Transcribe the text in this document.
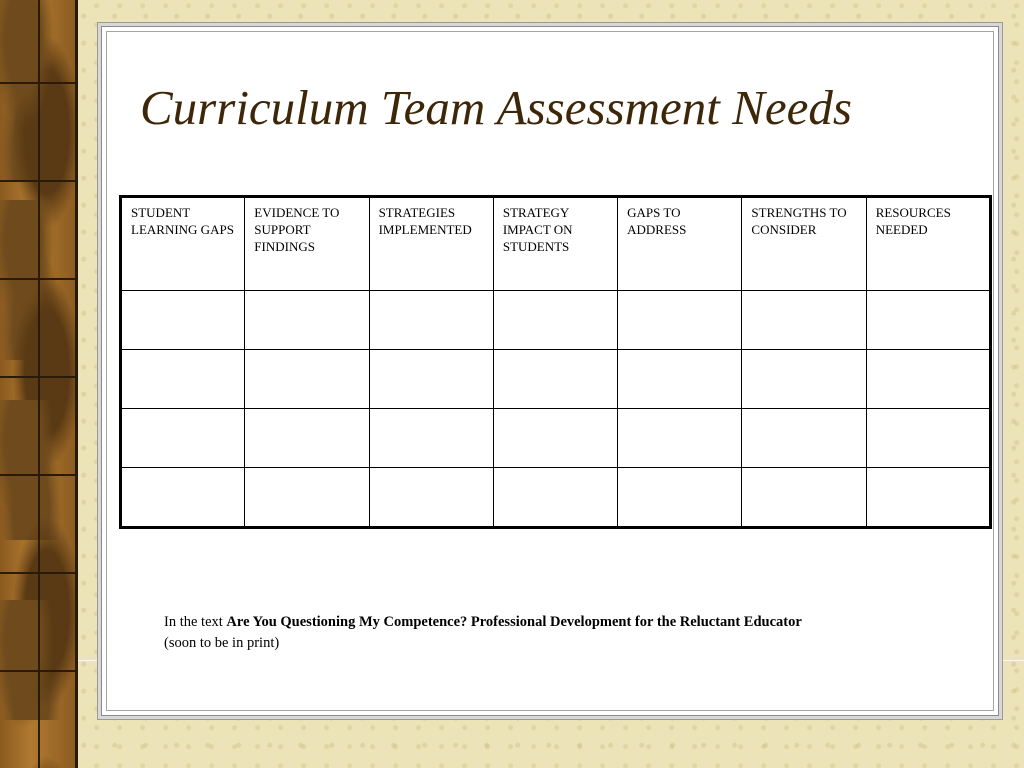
Curriculum Team Assessment Needs
STUDENT LEARNING GAPS	EVIDENCE TO SUPPORT FINDINGS	STRATEGIES IMPLEMENTED	STRATEGY IMPACT ON STUDENTS	GAPS TO ADDRESS	STRENGTHS TO CONSIDER	RESOURCES NEEDED

In the text Are You Questioning My Competence? Professional Development for the Reluctant Educator (soon to be in print)
